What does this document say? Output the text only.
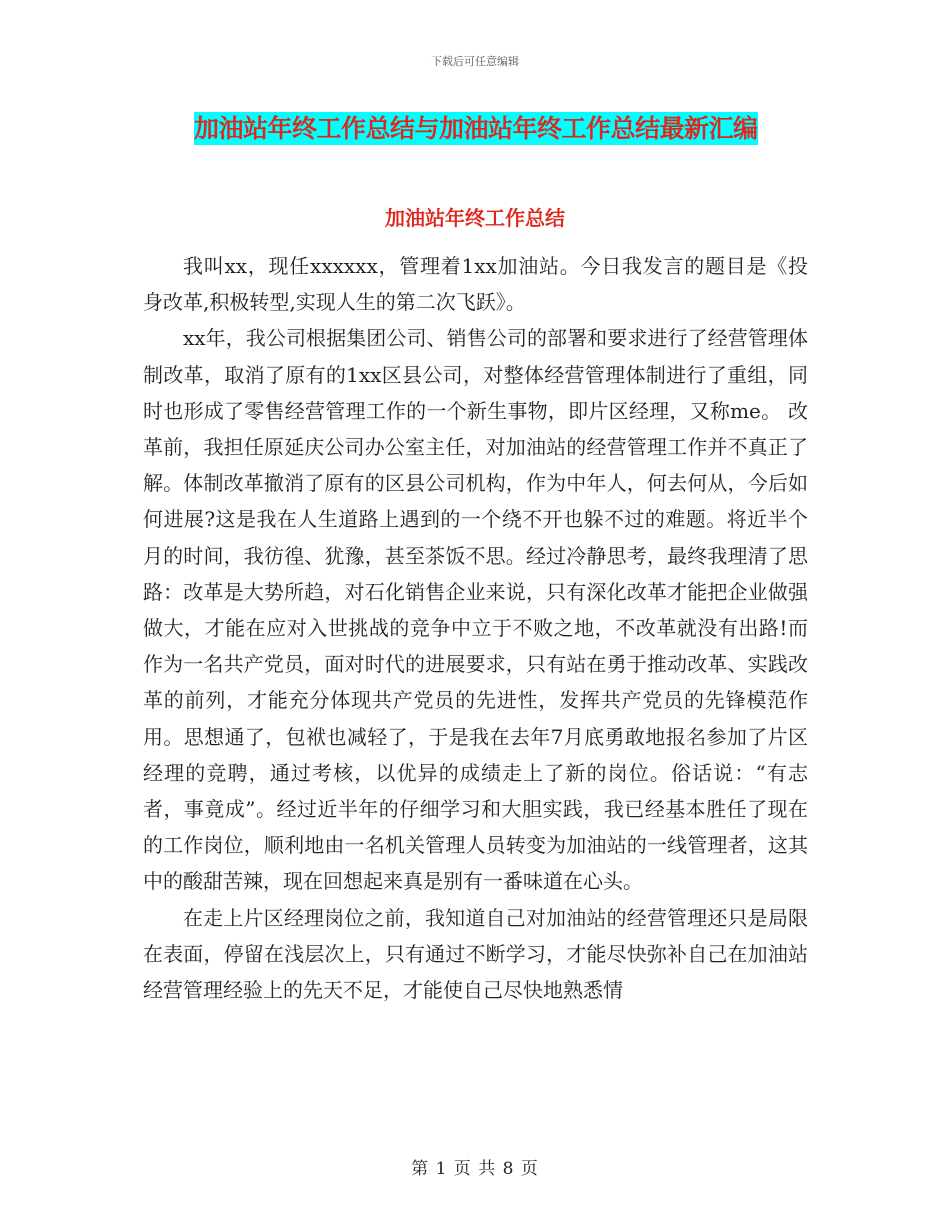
下载后可任意编辑
加油站年终工作总结与加油站年终工作总结最新汇编
加油站年终工作总结

我叫xx，现任xxxxxx，管理着1xx加油站。今日我发言的题目是《投身改革,积极转型,实现人生的第二次飞跃》。

xx年，我公司根据集团公司、销售公司的部署和要求进行了经营管理体制改革，取消了原有的1xx区县公司，对整体经营管理体制进行了重组，同时也形成了零售经营管理工作的一个新生事物，即片区经理，又称me。 改革前，我担任原延庆公司办公室主任，对加油站的经营管理工作并不真正了解。体制改革撤消了原有的区县公司机构，作为中年人，何去何从，今后如何进展?这是我在人生道路上遇到的一个绕不开也躲不过的难题。将近半个月的时间，我彷徨、犹豫，甚至茶饭不思。经过冷静思考，最终我理清了思路：改革是大势所趋，对石化销售企业来说，只有深化改革才能把企业做强做大，才能在应对入世挑战的竞争中立于不败之地，不改革就没有出路!而作为一名共产党员，面对时代的进展要求，只有站在勇于推动改革、实践改革的前列，才能充分体现共产党员的先进性，发挥共产党员的先锋模范作用。思想通了，包袱也减轻了，于是我在去年7月底勇敢地报名参加了片区经理的竞聘，通过考核，以优异的成绩走上了新的岗位。俗话说：“有志者，事竟成”。经过近半年的仔细学习和大胆实践，我已经基本胜任了现在的工作岗位，顺利地由一名机关管理人员转变为加油站的一线管理者，这其中的酸甜苦辣，现在回想起来真是别有一番味道在心头。

在走上片区经理岗位之前，我知道自己对加油站的经营管理还只是局限在表面，停留在浅层次上，只有通过不断学习，才能尽快弥补自己在加油站经营管理经验上的先天不足，才能使自己尽快地熟悉情

第 1 页 共 8 页
